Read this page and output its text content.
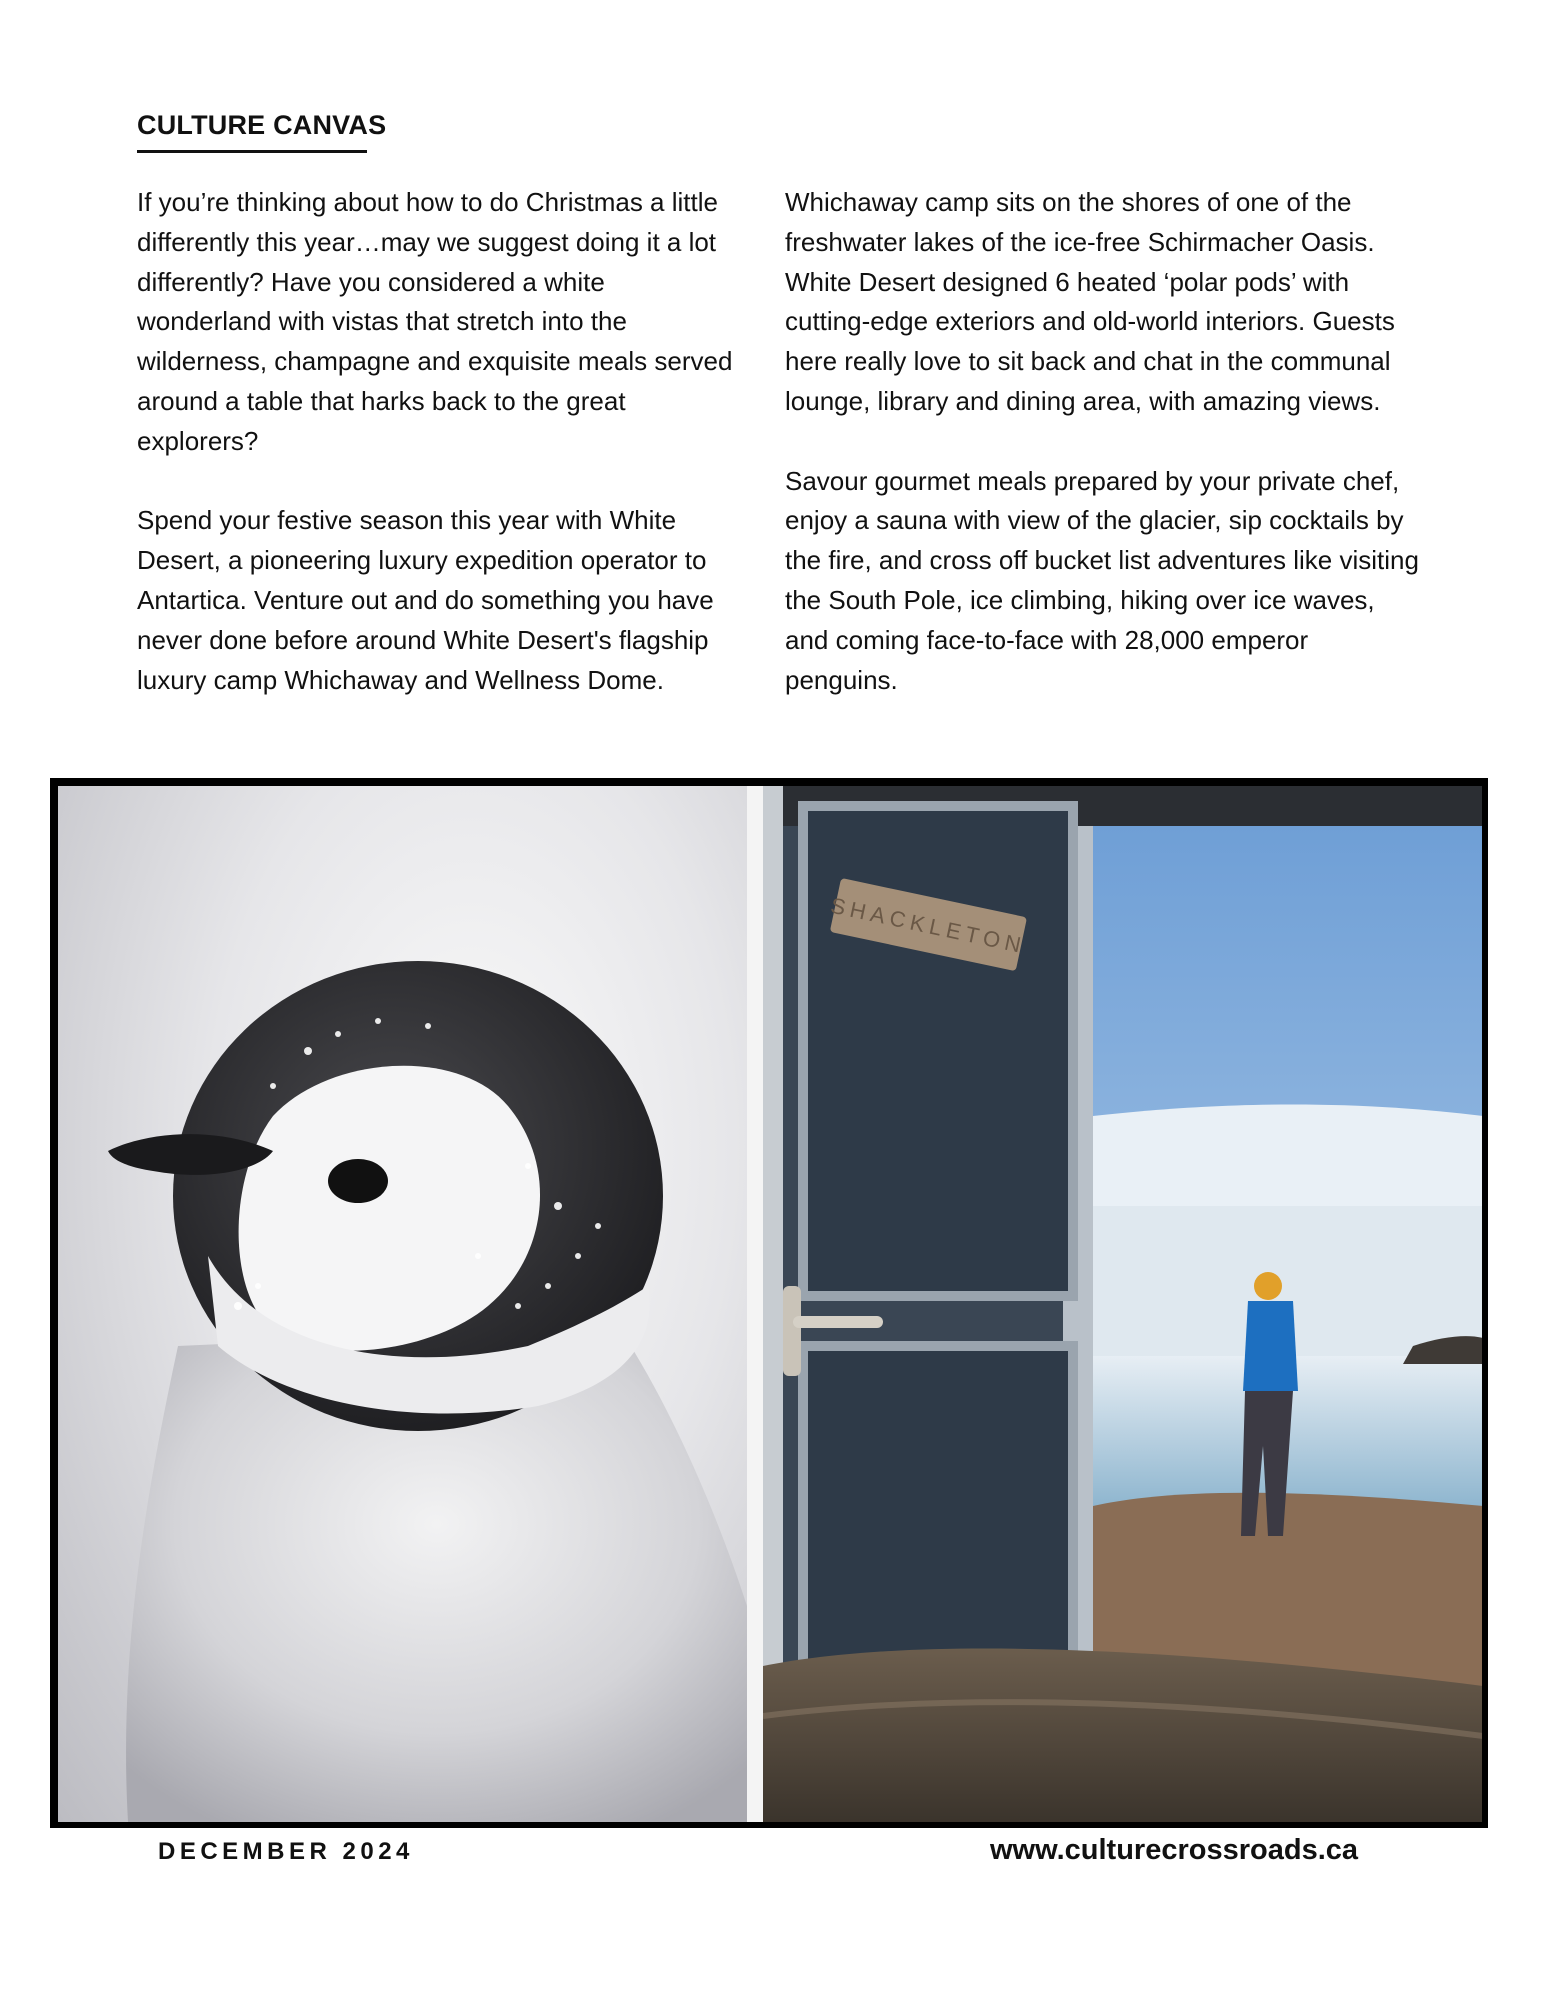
CULTURE CANVAS

If you’re thinking about how to do Christmas a little differently this year…may we suggest doing it a lot differently? Have you considered a white wonderland with vistas that stretch into the wilderness, champagne and exquisite meals served around a table that harks back to the great explorers?

Spend your festive season this year with White Desert, a pioneering luxury expedition operator to Antartica. Venture out and do something you have never done before around White Desert's flagship luxury camp Whichaway and Wellness Dome.

Whichaway camp sits on the shores of one of the freshwater lakes of the ice-free Schirmacher Oasis. White Desert designed 6 heated ‘polar pods’ with cutting-edge exteriors and old-world interiors. Guests here really love to sit back and chat in the communal lounge, library and dining area, with amazing views.

Savour gourmet meals prepared by your private chef, enjoy a sauna with view of the glacier, sip cocktails by the fire, and cross off bucket list adventures like visiting the South Pole, ice climbing, hiking over ice waves, and coming face-to-face with 28,000 emperor penguins.

SHACKLETON
DECEMBER 2024	www.culturecrossroads.ca
